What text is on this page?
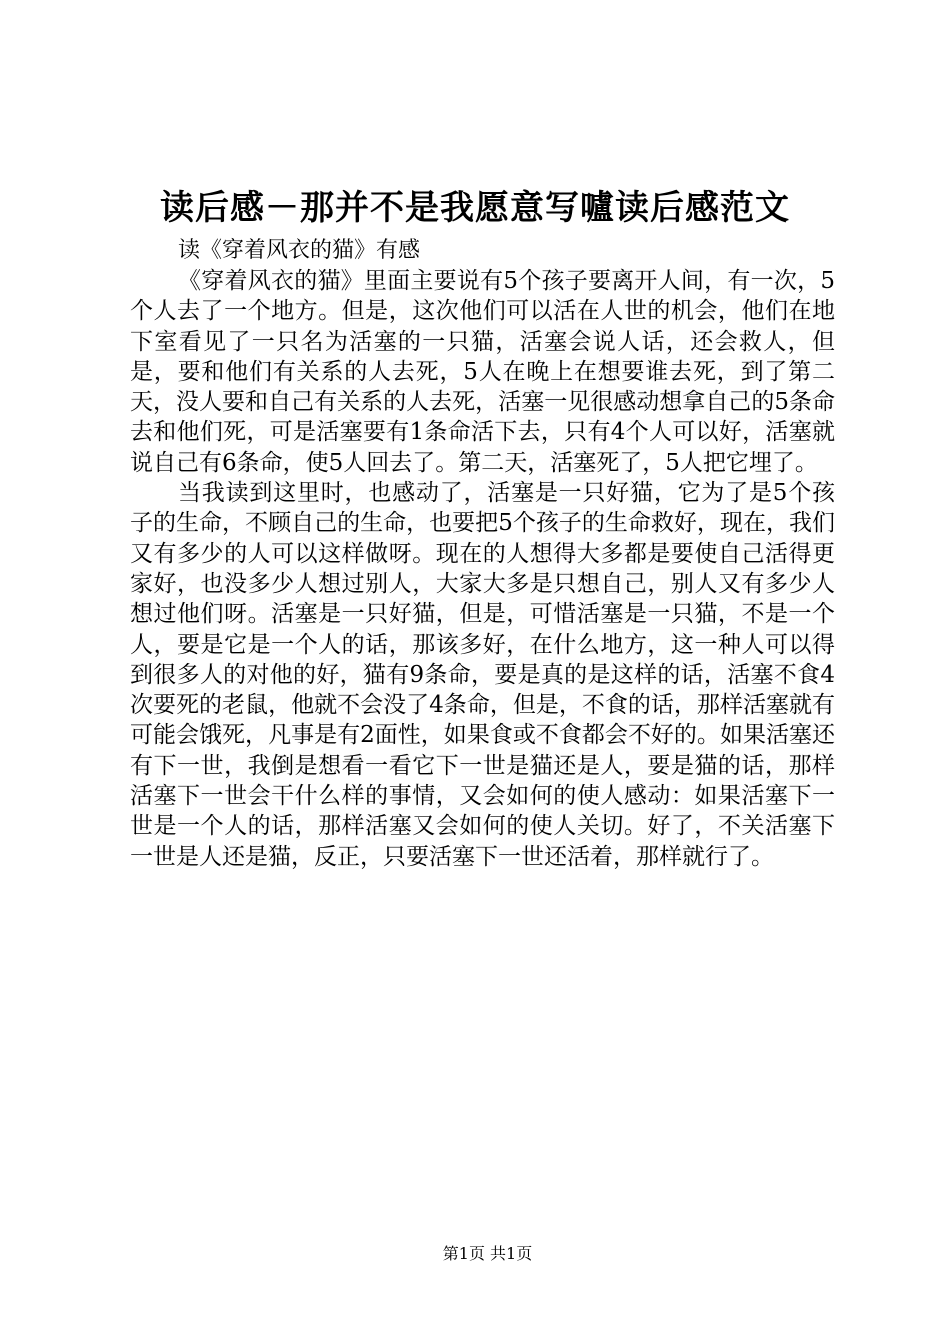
读后感－那并不是我愿意写嚧读后感范文

读《穿着风衣的猫》有感

《穿着风衣的猫》里面主要说有5个孩子要离开人间，有一次，5个人去了一个地方。但是，这次他们可以活在人世的机会，他们在地下室看见了一只名为活塞的一只猫，活塞会说人话，还会救人，但是，要和他们有关系的人去死，5人在晚上在想要谁去死，到了第二天，没人要和自己有关系的人去死，活塞一见很感动想拿自己的5条命去和他们死，可是活塞要有1条命活下去，只有4个人可以好，活塞就说自己有6条命，使5人回去了。第二天，活塞死了，5人把它埋了。

当我读到这里时，也感动了，活塞是一只好猫，它为了是5个孩子的生命，不顾自己的生命，也要把5个孩子的生命救好，现在，我们又有多少的人可以这样做呀。现在的人想得大多都是要使自己活得更家好，也没多少人想过别人，大家大多是只想自己，别人又有多少人想过他们呀。活塞是一只好猫，但是，可惜活塞是一只猫，不是一个人，要是它是一个人的话，那该多好，在什么地方，这一种人可以得到很多人的对他的好，猫有9条命，要是真的是这样的话，活塞不食4次要死的老鼠，他就不会没了4条命，但是，不食的话，那样活塞就有可能会饿死，凡事是有2面性，如果食或不食都会不好的。如果活塞还有下一世，我倒是想看一看它下一世是猫还是人，要是猫的话，那样活塞下一世会干什么样的事情，又会如何的使人感动：如果活塞下一世是一个人的话，那样活塞又会如何的使人关切。好了，不关活塞下一世是人还是猫，反正，只要活塞下一世还活着，那样就行了。

第1页 共1页
